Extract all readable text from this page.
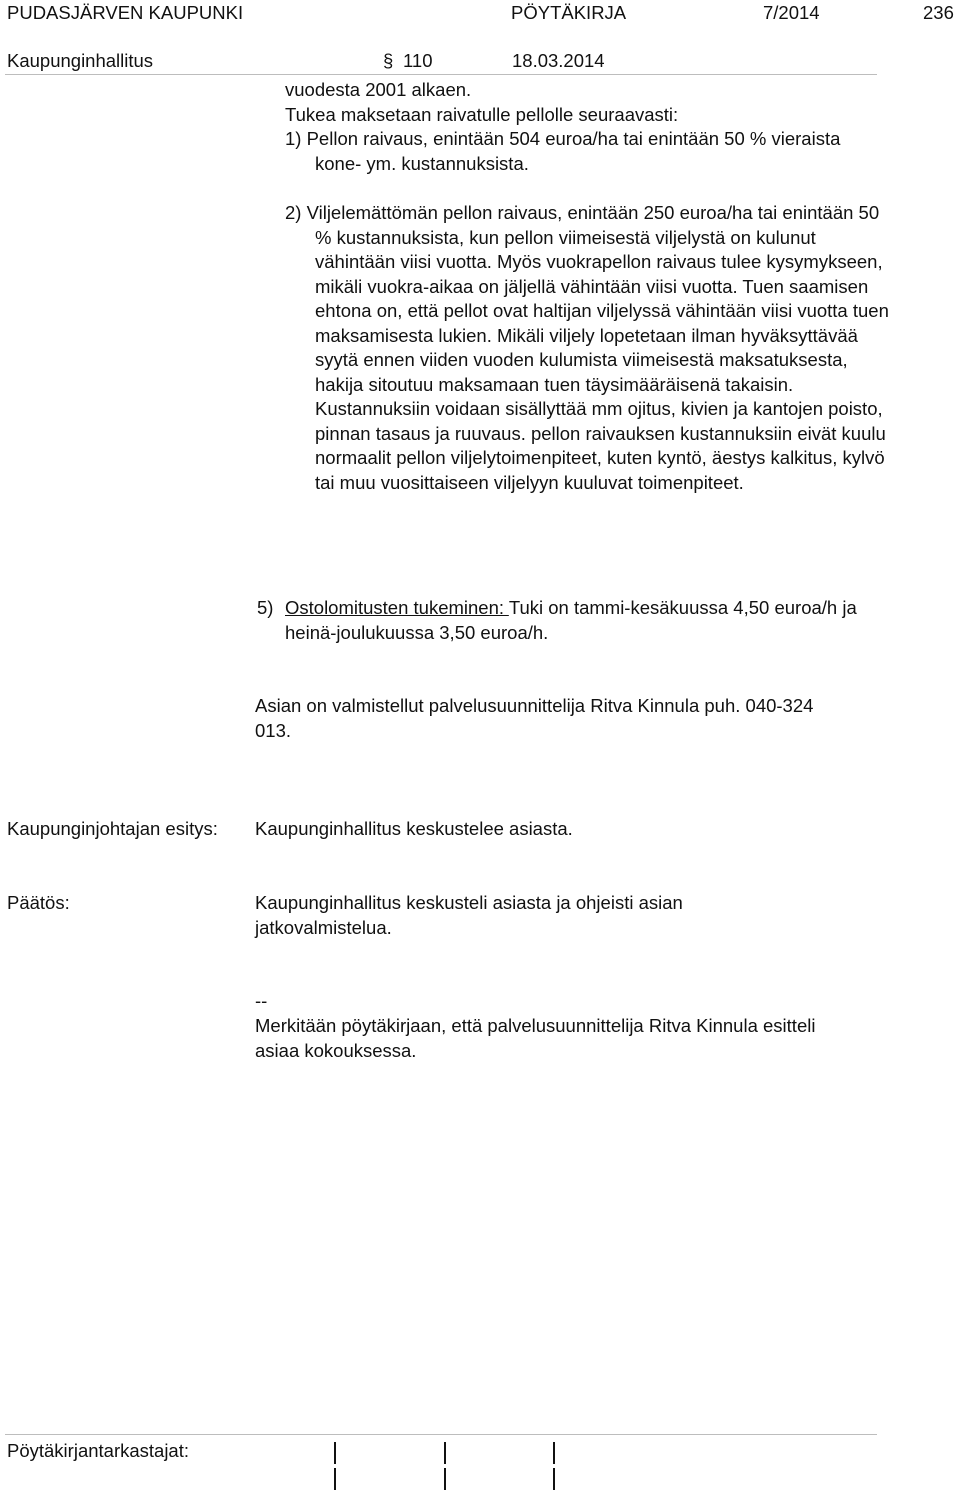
PUDASJÄRVEN KAUPUNKI	PÖYTÄKIRJA	7/2014	236
Kaupunginhallitus	§ 110	18.03.2014

vuodesta 2001 alkaen.

Tukea maksetaan raivatulle pellolle seuraavasti:

1) Pellon raivaus, enintään 504 euroa/ha tai enintään 50 % vieraista kone- ym. kustannuksista.
2) Viljelemättömän pellon raivaus, enintään 250 euroa/ha tai enintään 50 % kustannuksista, kun pellon viimeisestä viljelystä on kulunut vähintään viisi vuotta. Myös vuokrapellon raivaus tulee kysymykseen, mikäli vuokra-aikaa on jäljellä vähintään viisi vuotta. Tuen saamisen ehtona on, että pellot ovat haltijan viljelyssä vähintään viisi vuotta tuen maksamisesta lukien. Mikäli viljely lopetetaan ilman hyväksyttävää syytä ennen viiden vuoden kulumista viimeisestä maksatuksesta, hakija sitoutuu maksamaan tuen täysimääräisenä takaisin. Kustannuksiin voidaan sisällyttää mm ojitus, kivien ja kantojen poisto, pinnan tasaus ja ruuvaus. pellon raivauksen kustannuksiin eivät kuulu normaalit pellon viljelytoimenpiteet, kuten kyntö, äestys kalkitus, kylvö tai muu vuosittaiseen viljelyyn kuuluvat toimenpiteet.
5) Ostolomitusten tukeminen: Tuki on tammi-kesäkuussa 4,50 euroa/h ja heinä-joulukuussa 3,50 euroa/h.
Asian on valmistellut palvelusuunnittelija Ritva Kinnula puh. 040-324 013.
Kaupunginjohtajan esitys: Kaupunginhallitus keskustelee asiasta.
Päätös:	Kaupunginhallitus keskusteli asiasta ja ohjeisti asian jatkovalmistelua.
--
Merkitään pöytäkirjaan, että palvelusuunnittelija Ritva Kinnula esitteli asiaa kokouksessa.
Pöytäkirjantarkastajat:
